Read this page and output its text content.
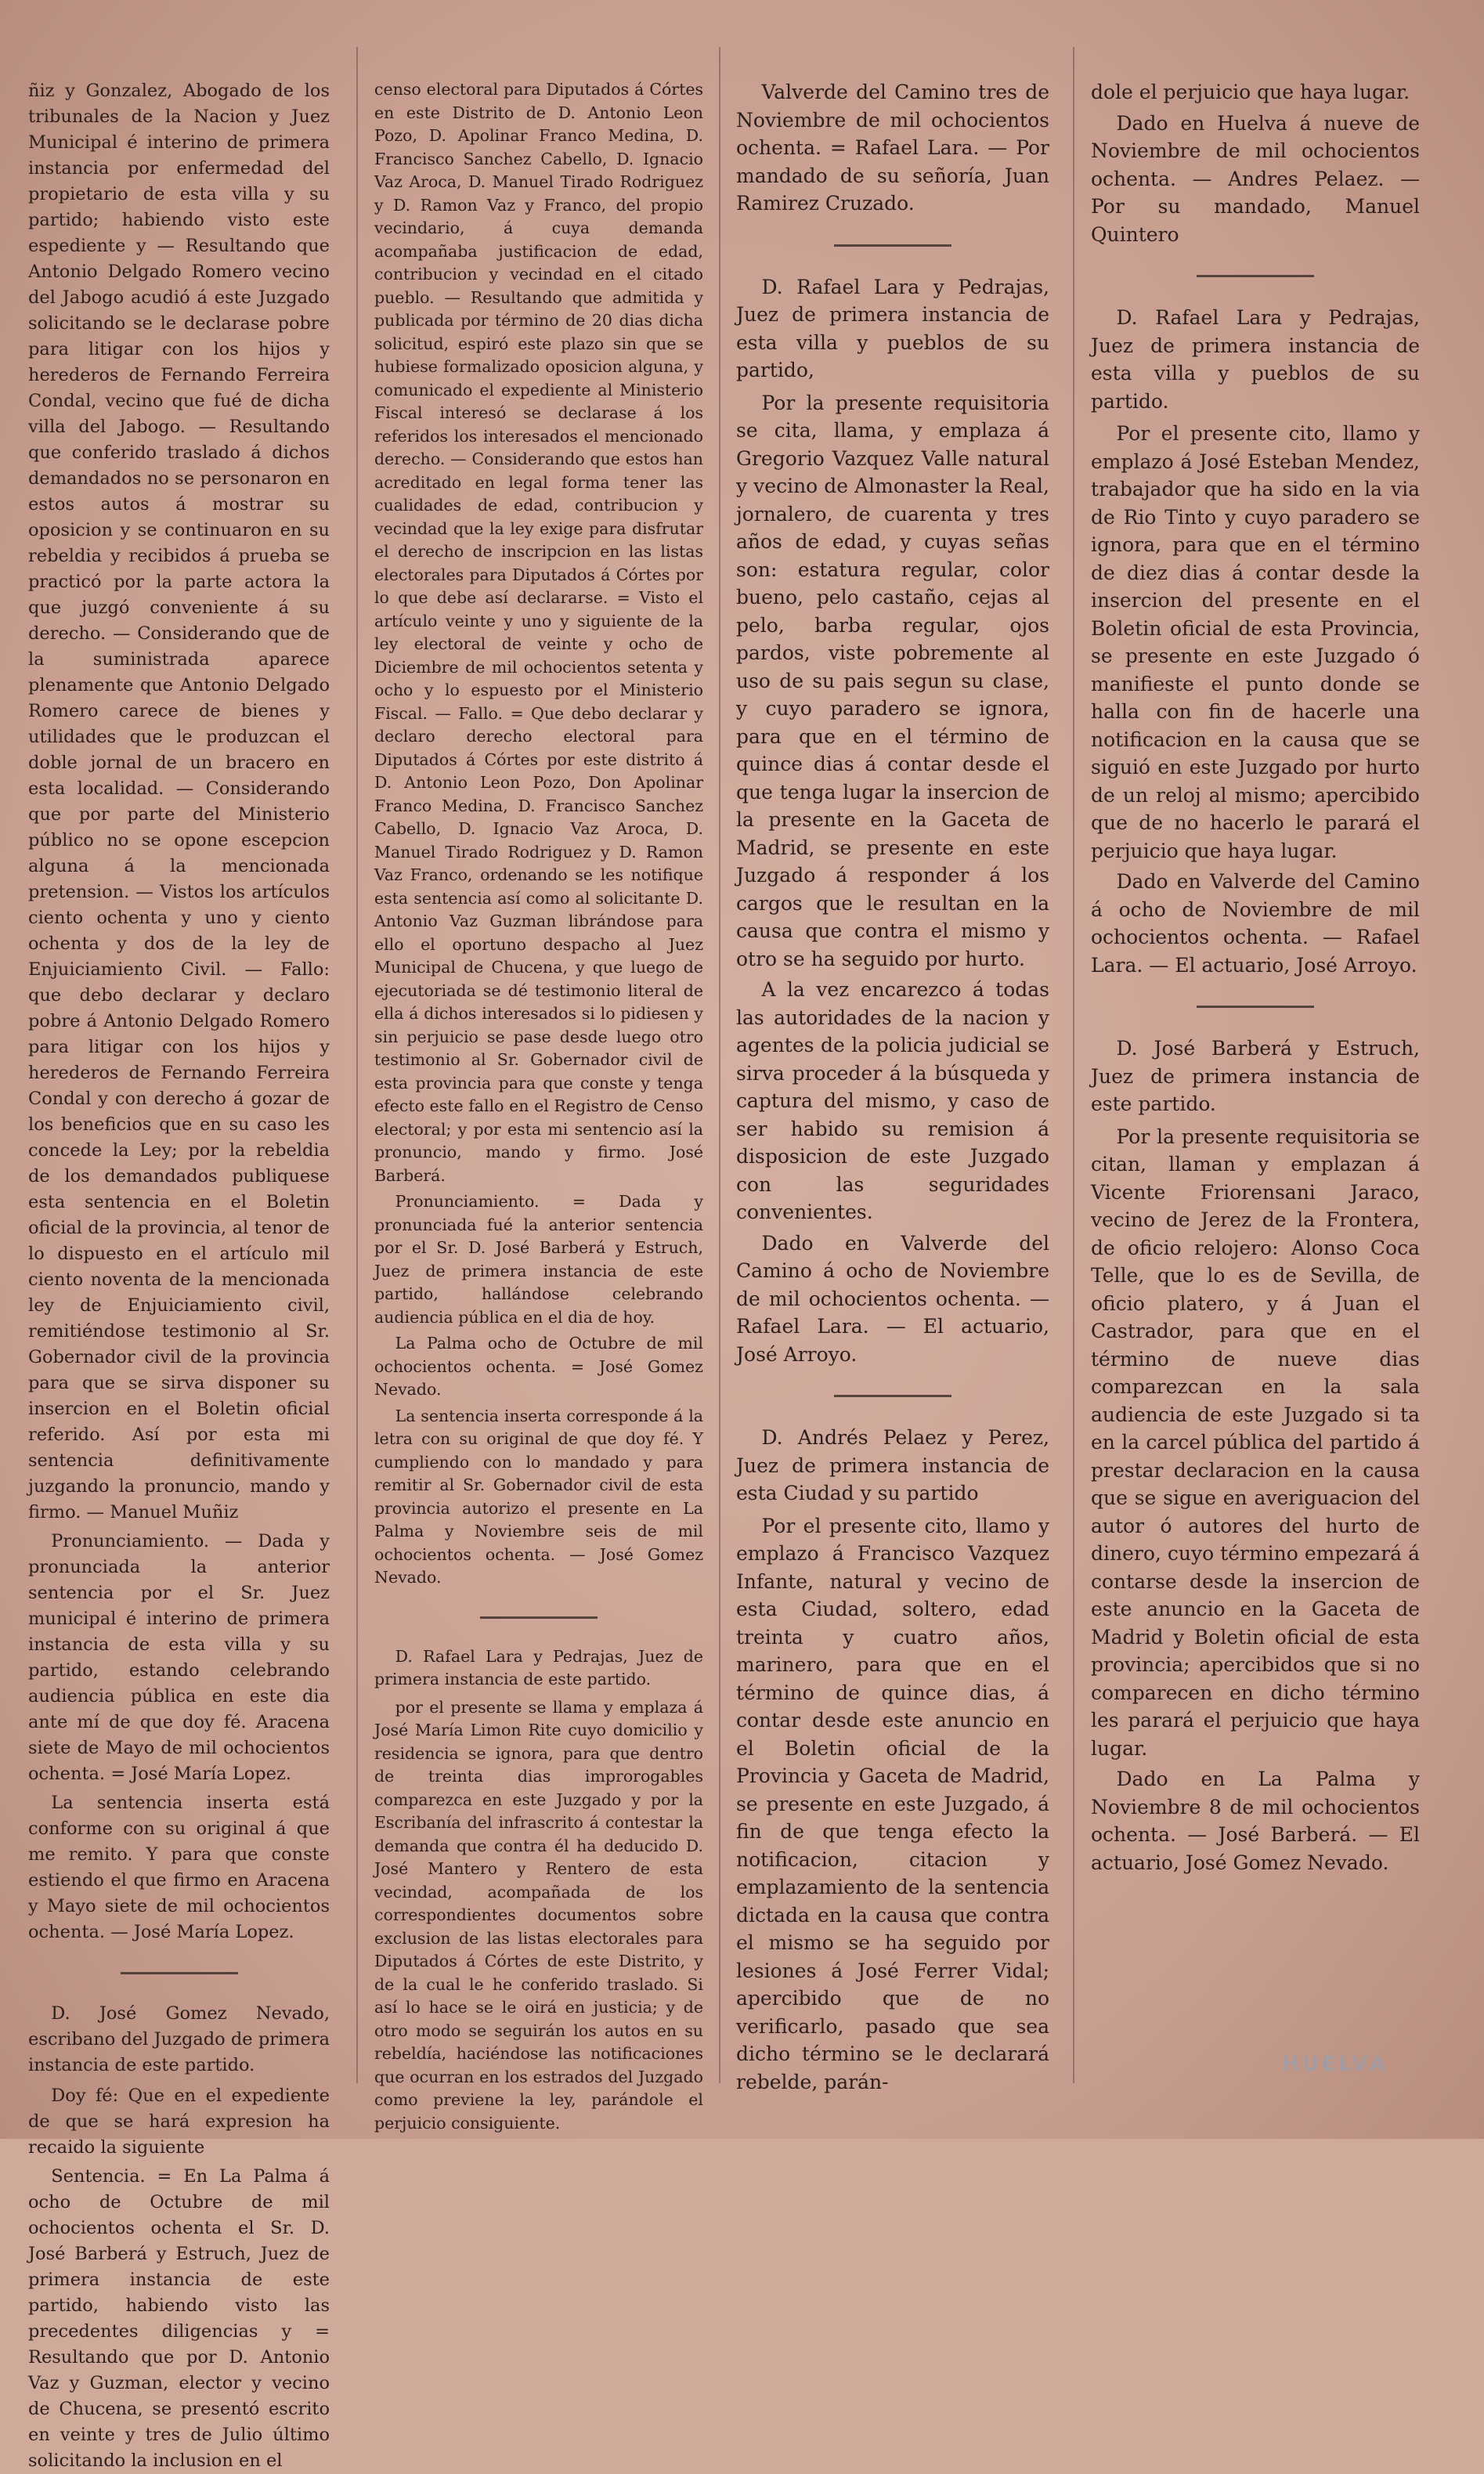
ñiz y Gonzalez, Abogado de los tribunales de la Nacion y Juez Municipal é interino de primera instancia por enfermedad del propietario de esta villa y su partido; habiendo visto este espediente y — Resultando que Antonio Delgado Romero vecino del Jabogo acudió á este Juzgado solicitando se le declarase pobre para litigar con los hijos y herederos de Fernando Ferreira Condal, vecino que fué de dicha villa del Jabogo. — Resultando que conferido traslado á dichos demandados no se personaron en estos autos á mostrar su oposicion y se continuaron en su rebeldia y recibidos á prueba se practicó por la parte actora la que juzgó conveniente á su derecho. — Considerando que de la suministrada aparece plenamente que Antonio Delgado Romero carece de bienes y utilidades que le produzcan el doble jornal de un bracero en esta localidad. — Considerando que por parte del Ministerio público no se opone escepcion alguna á la mencionada pretension. — Vistos los artículos ciento ochenta y uno y ciento ochenta y dos de la ley de Enjuiciamiento Civil. — Fallo: que debo declarar y declaro pobre á Antonio Delgado Romero para litigar con los hijos y herederos de Fernando Ferreira Condal y con derecho á gozar de los beneficios que en su caso les concede la Ley; por la rebeldia de los demandados publiquese esta sentencia en el Boletin oficial de la provincia, al tenor de lo dispuesto en el artículo mil ciento noventa de la mencionada ley de Enjuiciamiento civil, remitiéndose testimonio al Sr. Gobernador civil de la provincia para que se sirva disponer su insercion en el Boletin oficial referido. Así por esta mi sentencia definitivamente juzgando la pronuncio, mando y firmo. — Manuel Muñiz

Pronunciamiento. — Dada y pronunciada la anterior sentencia por el Sr. Juez municipal é interino de primera instancia de esta villa y su partido, estando celebrando audiencia pública en este dia ante mí de que doy fé. Aracena siete de Mayo de mil ochocientos ochenta. = José María Lopez.

La sentencia inserta está conforme con su original á que me remito. Y para que conste estiendo el que firmo en Aracena y Mayo siete de mil ochocientos ochenta. — José María Lopez.

D. José Gomez Nevado, escribano del Juzgado de primera instancia de este partido.

Doy fé: Que en el expediente de que se hará expresion ha recaido la siguiente

Sentencia. = En La Palma á ocho de Octubre de mil ochocientos ochenta el Sr. D. José Barberá y Estruch, Juez de primera instancia de este partido, habiendo visto las precedentes diligencias y = Resultando que por D. Antonio Vaz y Guzman, elector y vecino de Chucena, se presentó escrito en veinte y tres de Julio último solicitando la inclusion en el

censo electoral para Diputados á Córtes en este Distrito de D. Antonio Leon Pozo, D. Apolinar Franco Medina, D. Francisco Sanchez Cabello, D. Ignacio Vaz Aroca, D. Manuel Tirado Rodriguez y D. Ramon Vaz y Franco, del propio vecindario, á cuya demanda acompañaba justificacion de edad, contribucion y vecindad en el citado pueblo. — Resultando que admitida y publicada por término de 20 dias dicha solicitud, espiró este plazo sin que se hubiese formalizado oposicion alguna, y comunicado el expediente al Ministerio Fiscal interesó se declarase á los referidos los interesados el mencionado derecho. — Considerando que estos han acreditado en legal forma tener las cualidades de edad, contribucion y vecindad que la ley exige para disfrutar el derecho de inscripcion en las listas electorales para Diputados á Córtes por lo que debe así declararse. = Visto el artículo veinte y uno y siguiente de la ley electoral de veinte y ocho de Diciembre de mil ochocientos setenta y ocho y lo espuesto por el Ministerio Fiscal. — Fallo. = Que debo declarar y declaro derecho electoral para Diputados á Córtes por este distrito á D. Antonio Leon Pozo, Don Apolinar Franco Medina, D. Francisco Sanchez Cabello, D. Ignacio Vaz Aroca, D. Manuel Tirado Rodriguez y D. Ramon Vaz Franco, ordenando se les notifique esta sentencia así como al solicitante D. Antonio Vaz Guzman librándose para ello el oportuno despacho al Juez Municipal de Chucena, y que luego de ejecutoriada se dé testimonio literal de ella á dichos interesados si lo pidiesen y sin perjuicio se pase desde luego otro testimonio al Sr. Gobernador civil de esta provincia para que conste y tenga efecto este fallo en el Registro de Censo electoral; y por esta mi sentencio así la pronuncio, mando y firmo. José Barberá.

Pronunciamiento. = Dada y pronunciada fué la anterior sentencia por el Sr. D. José Barberá y Estruch, Juez de primera instancia de este partido, hallándose celebrando audiencia pública en el dia de hoy.

La Palma ocho de Octubre de mil ochocientos ochenta. = José Gomez Nevado.

La sentencia inserta corresponde á la letra con su original de que doy fé. Y cumpliendo con lo mandado y para remitir al Sr. Gobernador civil de esta provincia autorizo el presente en La Palma y Noviembre seis de mil ochocientos ochenta. — José Gomez Nevado.

D. Rafael Lara y Pedrajas, Juez de primera instancia de este partido.

por el presente se llama y emplaza á José María Limon Rite cuyo domicilio y residencia se ignora, para que dentro de treinta dias improrogables comparezca en este Juzgado y por la Escribanía del infrascrito á contestar la demanda que contra él ha deducido D. José Mantero y Rentero de esta vecindad, acompañada de los correspondientes documentos sobre exclusion de las listas electorales para Diputados á Córtes de este Distrito, y de la cual le he conferido traslado. Si así lo hace se le oirá en justicia; y de otro modo se seguirán los autos en su rebeldía, haciéndose las notificaciones que ocurran en los estrados del Juzgado como previene la ley, parándole el perjuicio consiguiente.

Valverde del Camino tres de Noviembre de mil ochocientos ochenta. = Rafael Lara. — Por mandado de su señoría, Juan Ramirez Cruzado.

D. Rafael Lara y Pedrajas, Juez de primera instancia de esta villa y pueblos de su partido,

Por la presente requisitoria se cita, llama, y emplaza á Gregorio Vazquez Valle natural y vecino de Almonaster la Real, jornalero, de cuarenta y tres años de edad, y cuyas señas son: estatura regular, color bueno, pelo castaño, cejas al pelo, barba regular, ojos pardos, viste pobremente al uso de su pais segun su clase, y cuyo paradero se ignora, para que en el término de quince dias á contar desde el que tenga lugar la insercion de la presente en la Gaceta de Madrid, se presente en este Juzgado á responder á los cargos que le resultan en la causa que contra el mismo y otro se ha seguido por hurto.

A la vez encarezco á todas las autoridades de la nacion y agentes de la policia judicial se sirva proceder á la búsqueda y captura del mismo, y caso de ser habido su remision á disposicion de este Juzgado con las seguridades convenientes.

Dado en Valverde del Camino á ocho de Noviembre de mil ochocientos ochenta. — Rafael Lara. — El actuario, José Arroyo.

D. Andrés Pelaez y Perez, Juez de primera instancia de esta Ciudad y su partido

Por el presente cito, llamo y emplazo á Francisco Vazquez Infante, natural y vecino de esta Ciudad, soltero, edad treinta y cuatro años, marinero, para que en el término de quince dias, á contar desde este anuncio en el Boletin oficial de la Provincia y Gaceta de Madrid, se presente en este Juzgado, á fin de que tenga efecto la notificacion, citacion y emplazamiento de la sentencia dictada en la causa que contra el mismo se ha seguido por lesiones á José Ferrer Vidal; apercibido que de no verificarlo, pasado que sea dicho término se le declarará rebelde, parán-

dole el perjuicio que haya lugar.

Dado en Huelva á nueve de Noviembre de mil ochocientos ochenta. — Andres Pelaez. — Por su mandado, Manuel Quintero

D. Rafael Lara y Pedrajas, Juez de primera instancia de esta villa y pueblos de su partido.

Por el presente cito, llamo y emplazo á José Esteban Mendez, trabajador que ha sido en la via de Rio Tinto y cuyo paradero se ignora, para que en el término de diez dias á contar desde la insercion del presente en el Boletin oficial de esta Provincia, se presente en este Juzgado ó manifieste el punto donde se halla con fin de hacerle una notificacion en la causa que se siguió en este Juzgado por hurto de un reloj al mismo; apercibido que de no hacerlo le parará el perjuicio que haya lugar.

Dado en Valverde del Camino á ocho de Noviembre de mil ochocientos ochenta. — Rafael Lara. — El actuario, José Arroyo.

D. José Barberá y Estruch, Juez de primera instancia de este partido.

Por la presente requisitoria se citan, llaman y emplazan á Vicente Friorensani Jaraco, vecino de Jerez de la Frontera, de oficio relojero: Alonso Coca Telle, que lo es de Sevilla, de oficio platero, y á Juan el Castrador, para que en el término de nueve dias comparezcan en la sala audiencia de este Juzgado si ta en la carcel pública del partido á prestar declaracion en la causa que se sigue en averiguacion del autor ó autores del hurto de dinero, cuyo término empezará á contarse desde la insercion de este anuncio en la Gaceta de Madrid y Boletin oficial de esta provincia; apercibidos que si no comparecen en dicho término les parará el perjuicio que haya lugar.

Dado en La Palma y Noviembre 8 de mil ochocientos ochenta. — José Barberá. — El actuario, José Gomez Nevado.

HUELVA
